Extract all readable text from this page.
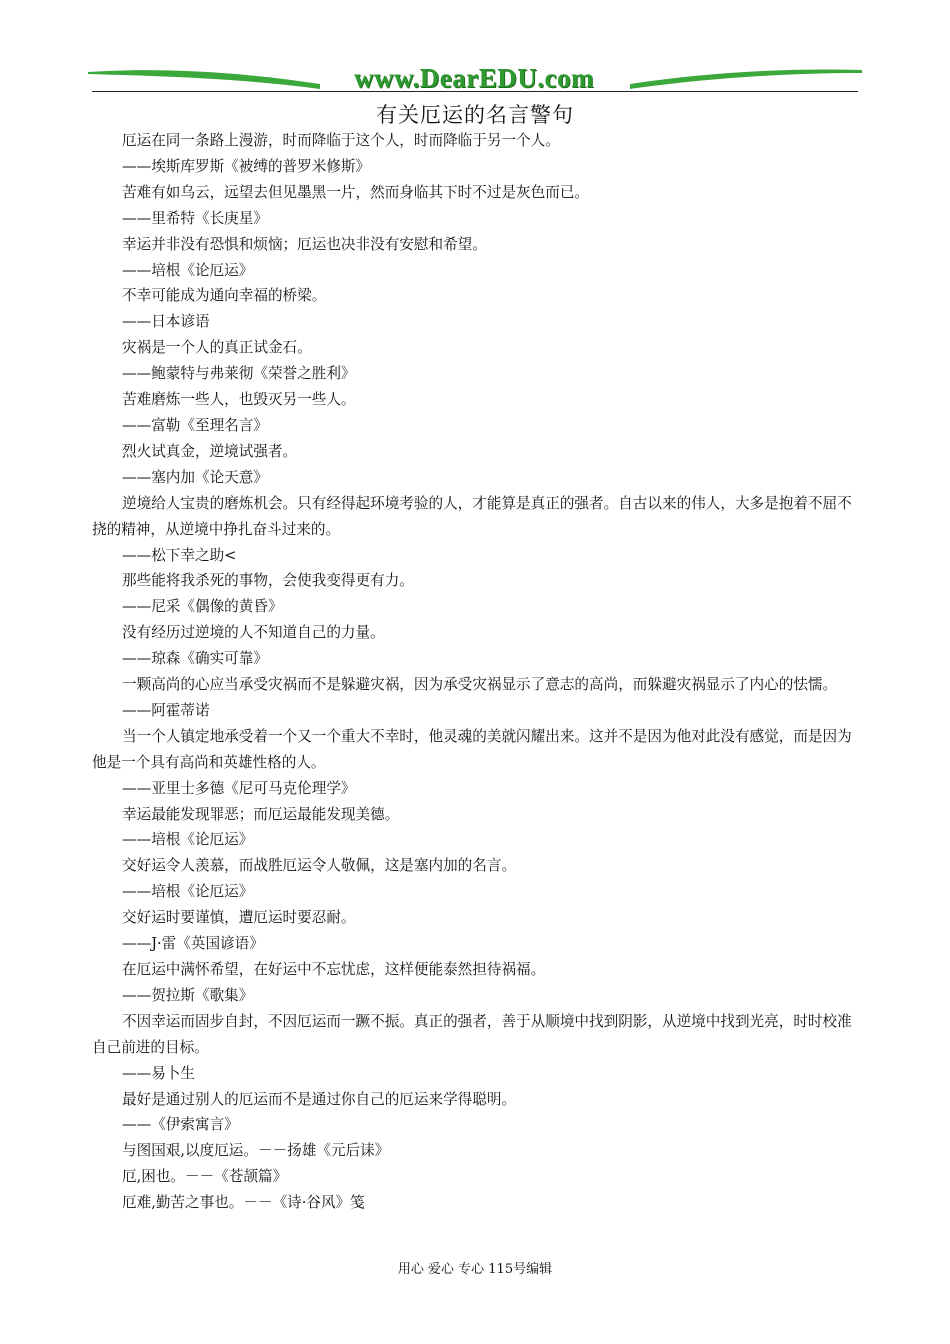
www.DearEDU.com
有关厄运的名言警句

厄运在同一条路上漫游，时而降临于这个人，时而降临于另一个人。

——埃斯库罗斯《被缚的普罗米修斯》

苦难有如乌云，远望去但见墨黑一片，然而身临其下时不过是灰色而已。

——里希特《长庚星》

幸运并非没有恐惧和烦恼；厄运也决非没有安慰和希望。

——培根《论厄运》

不幸可能成为通向幸福的桥梁。

——日本谚语

灾祸是一个人的真正试金石。

——鲍蒙特与弗莱彻《荣誉之胜利》

苦难磨炼一些人，也毁灭另一些人。

——富勒《至理名言》

烈火试真金，逆境试强者。

——塞内加《论天意》

逆境给人宝贵的磨炼机会。只有经得起环境考验的人，才能算是真正的强者。自古以来的伟人，大多是抱着不屈不挠的精神，从逆境中挣扎奋斗过来的。

——松下幸之助<

那些能将我杀死的事物，会使我变得更有力。

——尼采《偶像的黄昏》

没有经历过逆境的人不知道自己的力量。

——琼森《确实可靠》

一颗高尚的心应当承受灾祸而不是躲避灾祸，因为承受灾祸显示了意志的高尚，而躲避灾祸显示了内心的怯懦。

——阿霍蒂诺

当一个人镇定地承受着一个又一个重大不幸时，他灵魂的美就闪耀出来。这并不是因为他对此没有感觉，而是因为他是一个具有高尚和英雄性格的人。

——亚里士多德《尼可马克伦理学》

幸运最能发现罪恶；而厄运最能发现美德。

——培根《论厄运》

交好运令人羡慕，而战胜厄运令人敬佩，这是塞内加的名言。

——培根《论厄运》

交好运时要谨慎，遭厄运时要忍耐。

——J·雷《英国谚语》

在厄运中满怀希望，在好运中不忘忧虑，这样便能泰然担待祸福。

——贺拉斯《歌集》

不因幸运而固步自封，不因厄运而一蹶不振。真正的强者，善于从顺境中找到阴影，从逆境中找到光亮，时时校准自己前进的目标。

——易卜生

最好是通过别人的厄运而不是通过你自己的厄运来学得聪明。

——《伊索寓言》

与图国艰,以度厄运。－－扬雄《元后诔》

厄,困也。－－《苍颉篇》

厄难,勤苦之事也。－－《诗·谷风》笺

用心 爱心 专心 115号编辑
